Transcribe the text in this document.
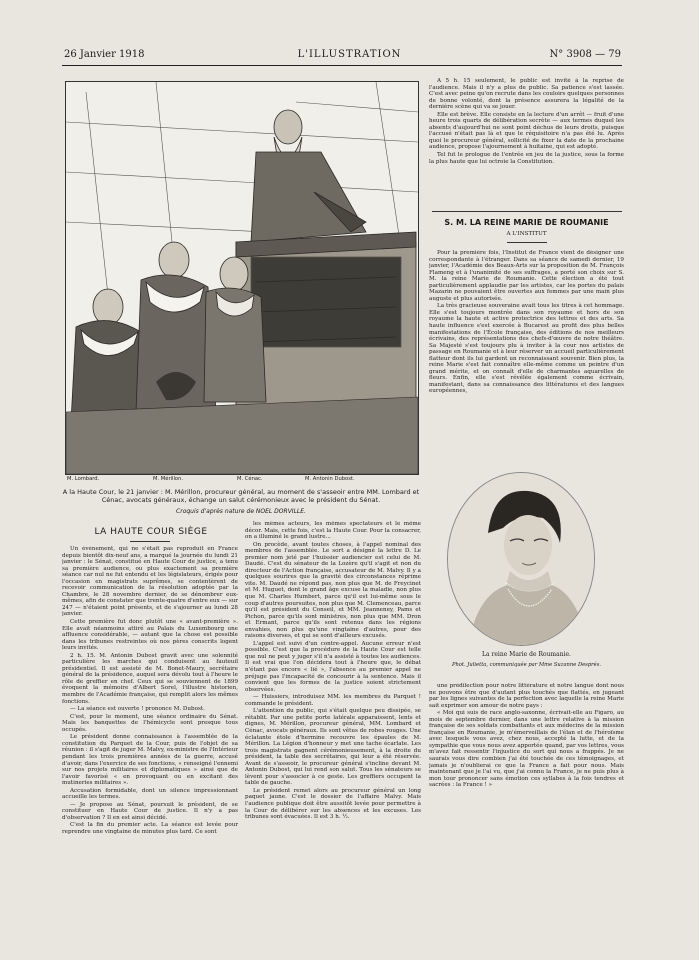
26 Janvier 1918	L'ILLUSTRATION	N° 3908 — 79
M. Lombard.	M. Mérillon.	M. Cénac.	M. Antonin Dubost.
A la Haute Cour, le 21 janvier : M. Mérillon, procureur général, au moment de s'asseoir entre MM. Lombard et Cénac, avocats généraux, échange un salut cérémonieux avec le président du Sénat.
Croquis d'après nature de NOEL DORVILLE.
LA HAUTE COUR SIÈGE

Un événement, qui ne s'était pas reproduit en France depuis bientôt dix-neuf ans, a marqué la journée du lundi 21 janvier : le Sénat, constitué en Haute Cour de justice, a tenu sa première audience, ou plus exactement sa première séance car nul ne fut entendu et les législateurs, érigés pour l'occasion en magistrats suprêmes, se contentèrent de recevoir communication de la résolution adoptée par la Chambre, le 28 novembre dernier, de se dénombrer eux-mêmes, afin de constater que trente-quatre d'entre eux — sur 247 — n'étaient point présents, et de s'ajourner au lundi 28 janvier.

Cette première fut donc plutôt une « avant-première ». Elle avait néanmoins attiré au Palais du Luxembourg une affluence considérable, — autant que la chose est possible dans les tribunes restreintes où nos pères conscrits logent leurs invités.

2 h. 15. M. Antonin Dubost gravit avec une solennité particulière les marches qui conduisent au fauteuil présidentiel. Il est assisté de M. Bonet-Maury, secrétaire général de la présidence, auquel sera dévolu tout à l'heure le rôle de greffier en chef. Ceux qui se souviennent de 1899 évoquent la mémoire d'Albert Sorel, l'illustre historien, membre de l'Académie française, qui remplit alors les mêmes fonctions.

— La séance est ouverte ! prononce M. Dubost.

C'est, pour le moment, une séance ordinaire du Sénat. Mais les banquettes de l'hémicycle sont presque tous occupés.

Le président donne connaissance à l'assemblée de la constitution du Parquet de la Cour, puis de l'objet de sa réunion : il s'agit de juger M. Malvy, ex-ministre de l'Intérieur pendant les trois premières années de la guerre, accusé d'avoir, dans l'exercice de ses fonctions, « renseigné l'ennemi sur nos projets militaires et diplomatiques » ainsi que de l'avoir favorisé « en provoquant ou en excitant des mutineries militaires ».

Accusation formidable, dont un silence impressionnant accueille les termes.

— Je propose au Sénat, poursuit le président, de se constituer en Haute Cour de justice. Il n'y a pas d'observation ? Il en est ainsi décidé.

C'est la fin du premier acte. La séance est levée pour reprendre une vingtaine de minutes plus tard. Ce sont

les mêmes acteurs, les mêmes spectateurs et le même décor. Mais, cette fois, c'est la Haute Cour. Pour la consacrer, on a illuminé le grand lustre...

On procède, avant toutes choses, à l'appel nominal des membres de l'assemblée. Le sort a désigné la lettre D. Le premier nom jeté par l'huissier audiencier est celui de M. Daudé. C'est du sénateur de la Lozère qu'il s'agit et non du directeur de l'Action française, accusateur de M. Malvy. Il y a quelques sourires que la gravité des circonstances réprime vite. M. Daudé ne répond pas, non plus que M. de Freycinet et M. Huguet, dont le grand âge excuse la maladie, non plus que M. Charles Humbert, parce qu'il est lui-même sous le coup d'autres poursuites, non plus que M. Clemenceau, parce qu'il est président du Conseil, et MM. Jeanneney, Pams et Pichon, parce qu'ils sont ministres, non plus que MM. Dron et Ermant, parce qu'ils sont retenus dans les régions envahies, non plus qu'une vingtaine d'autres, pour des raisons diverses, et qui se sont d'ailleurs excusés.

L'appel est suivi d'un contre-appel. Aucune erreur n'est possible. C'est que la procédure de la Haute Cour est telle que nul ne peut y juger s'il n'a assisté à toutes les audiences. Il est vrai que l'on décidera tout à l'heure que, le débat n'étant pas encore « lié », l'absence au premier appel ne préjuge pas l'incapacité de concourir à la sentence. Mais il convient que les formes de la justice soient strictement observées.

— Huissiers, introduisez MM. les membres du Parquet ! commande le président.

L'attention du public, qui s'était quelque peu dissipée, se rétablit. Par une petite porte latérale apparaissent, lents et dignes, M. Mérillon, procureur général, MM. Lombard et Cénac, avocats généraux. Ils sont vêtus de robes rouges. Une éclatante étole d'hermine recouvre les épaules de M. Mérillon. La Légion d'honneur y met une tache écarlate. Les trois magistrats gagnent cérémonieusement, à la droite du président, la table des secrétaires, qui leur a été réservée. Avant de s'asseoir, le procureur général s'incline devant M. Antonin Dubost, qui lui rend son salut. Tous les sénateurs se lèvent pour s'associer à ce geste. Les greffiers occupent la table de gauche.

Le président remet alors au procureur général un long paquet jaune. C'est le dossier de l'affaire Malvy. Mais l'audience publique doit être aussitôt levée pour permettre à la Cour de délibérer sur les absences et les excuses. Les tribunes sont évacuées. Il est 3 h. ½.

A 5 h. 15 seulement, le public est invité à la reprise de l'audience. Mais il n'y a plus de public. Sa patience s'est lassée. C'est avec peine qu'on recrute dans les couloirs quelques personnes de bonne volonté, dont la présence assurera la légalité de la dernière scène qui va se jouer.

Elle est brève. Elle consiste en la lecture d'un arrêt — fruit d'une heure trois quarts de délibération secrète — aux termes duquel les absents d'aujourd'hui ne sont point déchus de leurs droits, puisque l'accusé n'était pas là et que le réquisitoire n'a pas été lu. Après quoi le procureur général, sollicité de fixer la date de la prochaine audience, propose l'ajournement à huitaine, qui est adopté.

Tel fut le prologue de l'entrée en jeu de la justice, sous la forme la plus haute que lui octroie la Constitution.

S. M. LA REINE MARIE DE ROUMANIE
A L'INSTITUT

Pour la première fois, l'Institut de France vient de désigner une correspondante à l'étranger. Dans sa séance de samedi dernier, 19 janvier, l'Académie des Beaux-Arts sur la proposition de M. François Flameng et à l'unanimité de ses suffrages, a porté son choix sur S. M. la reine Marie de Roumanie. Cette élection a été tout particulièrement applaudie par les artistes, car les portes du palais Mazarin ne pouvaient être ouvertes aux femmes par une main plus auguste et plus autorisée.

La très gracieuse souveraine avait tous les titres à cet hommage. Elle s'est toujours montrée dans son royaume et hors de son royaume la haute et active protectrice des lettres et des arts. Sa haute influence s'est exercée à Bucarest au profit des plus belles manifestations de l'École française, des éditions de nos meilleurs écrivains, des représentations des chefs-d'œuvre de notre théâtre. Sa Majesté s'est toujours plu à inviter à la cour nos artistes de passage en Roumanie et à leur réserver un accueil particulièrement flatteur dont ils lui gardent un reconnaissant souvenir. Bien plus, la reine Marie s'est fait connaître elle-même comme un peintre d'un grand mérite, et on connaît d'elle de charmantes aquarelles de fleurs. Enfin, elle s'est révélée également comme écrivain, manifestant, dans sa connaissance des littératures et des langues européennes,

La reine Marie de Roumanie.
Phot. Julietta, communiquée par Mme Suzanne Després.

une prédilection pour notre littérature et notre langue dont nous ne pouvons être que d'autant plus touchés que flattés, en jugeant par les lignes suivantes de la perfection avec laquelle la reine Marie sait exprimer son amour de notre pays :

« Moi qui suis de race anglo-saxonne, écrivait-elle au Figaro, au mois de septembre dernier, dans une lettre relative à la mission française de ses soldats combattants et aux médecins de la mission française en Roumanie, je m'émerveillais de l'élan et de l'héroïsme avec lesquels vous avez, chez nous, accepté la lutte, et de la sympathie que vous nous avez apportée quand, par vos lettres, vous m'avez fait ressentir l'injustice du sort qui nous a frappés. Je ne saurais vous dire combien j'ai été touchée de ces témoignages, et jamais je n'oublierai ce que la France a fait pour nous. Mais maintenant que je l'ai vu, que j'ai connu la France, je ne puis plus à mon tour prononcer sans émotion ces syllabes à la fois tendres et sacrées : la France ! »
